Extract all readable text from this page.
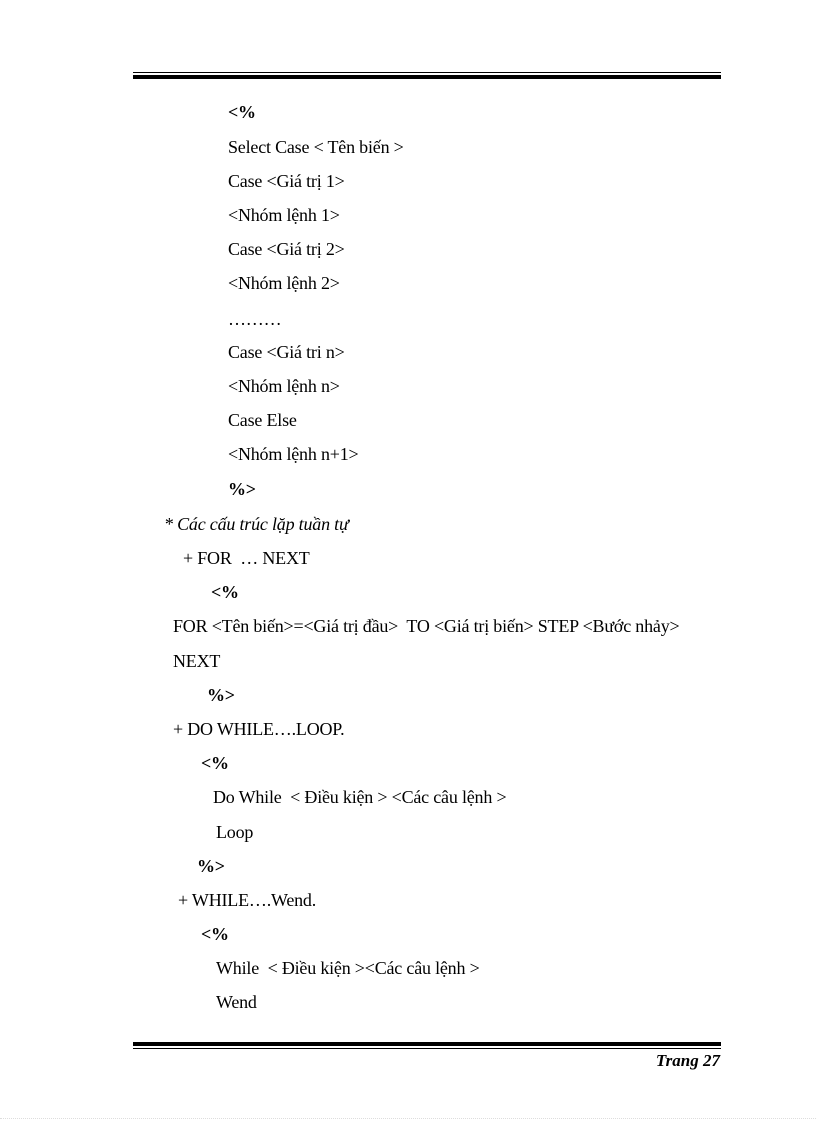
<%
Select Case < Tên biến >
Case <Giá trị 1>
<Nhóm lệnh 1>
Case <Giá trị 2>
<Nhóm lệnh 2>
………
Case <Giá tri n>
<Nhóm lệnh n>
Case Else
<Nhóm lệnh n+1>
%>
* Các cấu trúc lặp tuần tự
+ FOR  … NEXT
<%
FOR <Tên biến>=<Giá trị đầu>  TO <Giá trị biến> STEP <Bước nhảy>
NEXT
%>
+ DO WHILE….LOOP.
<%
Do While  < Điều kiện > <Các câu lệnh >
Loop
%>
+ WHILE….Wend.
<%
While  < Điều kiện ><Các câu lệnh >
Wend
Trang 27
